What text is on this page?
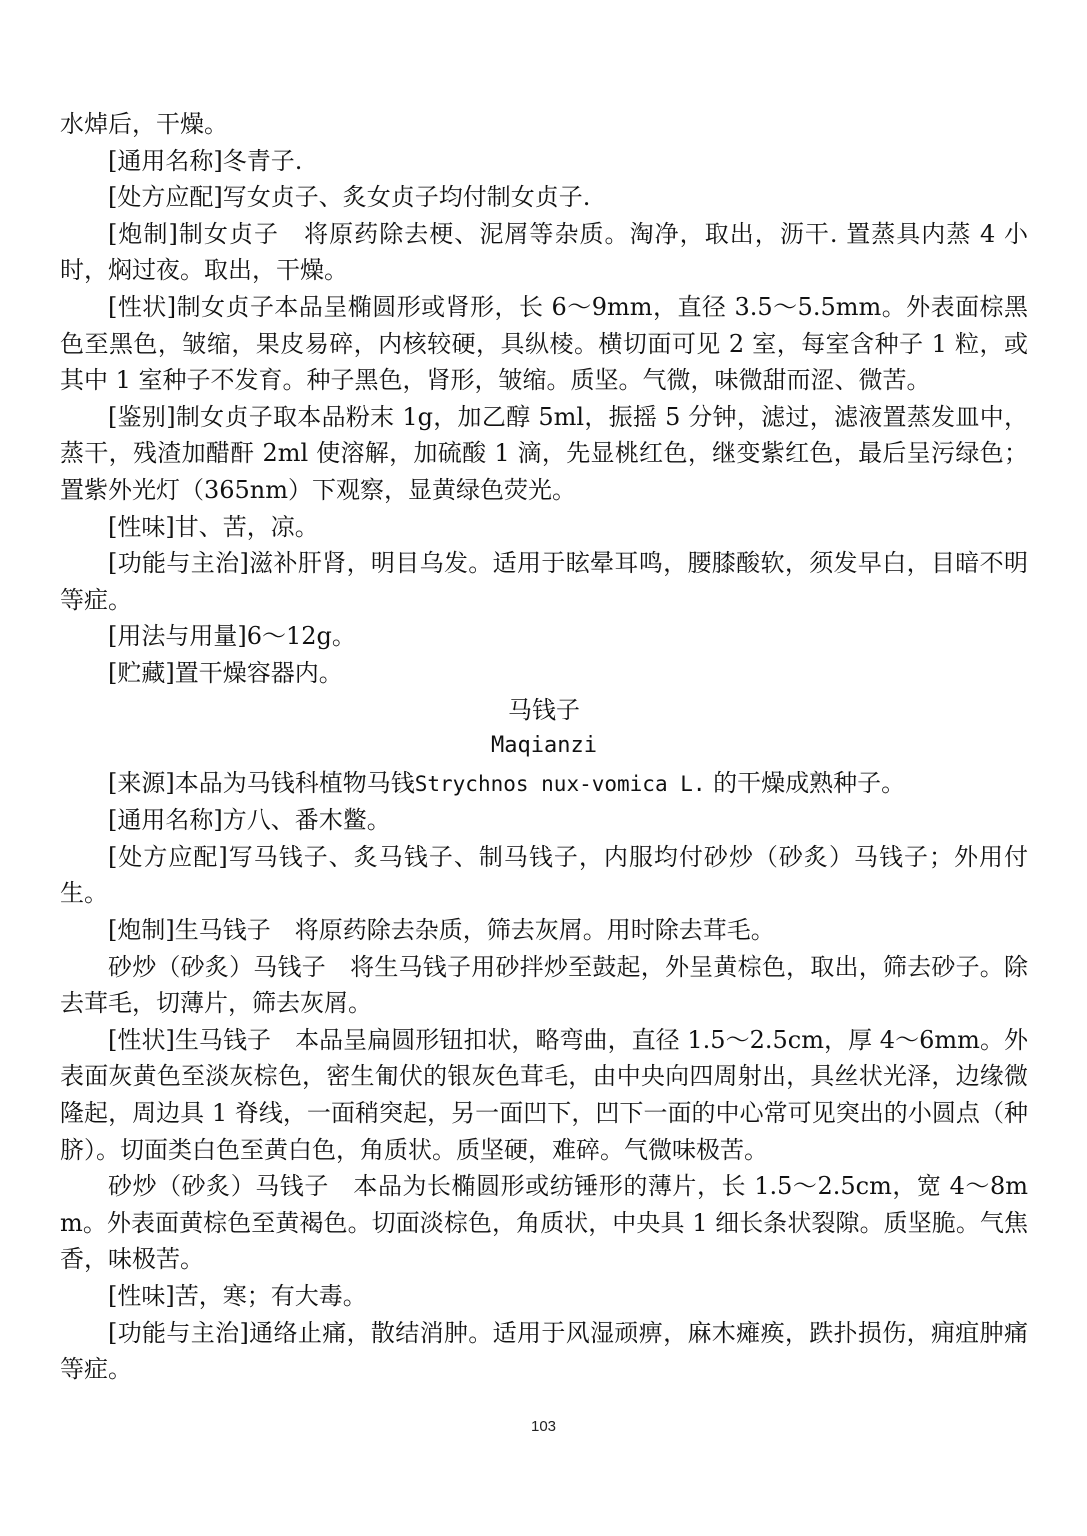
水焯后，干燥。

[通用名称]冬青子.

[处方应配]写女贞子、炙女贞子均付制女贞子.

[炮制]制女贞子　将原药除去梗、泥屑等杂质。淘净，取出，沥干. 置蒸具内蒸 4 小时，焖过夜。取出，干燥。

[性状]制女贞子本品呈椭圆形或肾形，长 6～9mm，直径 3.5～5.5mm。外表面棕黑色至黑色，皱缩，果皮易碎，内核较硬，具纵棱。横切面可见 2 室，每室含种子 1 粒，或其中 1 室种子不发育。种子黑色，肾形，皱缩。质坚。气微，味微甜而涩、微苦。

[鉴别]制女贞子取本品粉末 1g，加乙醇 5ml，振摇 5 分钟，滤过，滤液置蒸发皿中，蒸干，残渣加醋酐 2ml 使溶解，加硫酸 1 滴，先显桃红色，继变紫红色，最后呈污绿色；置紫外光灯（365nm）下观察，显黄绿色荧光。

[性味]甘、苦，凉。

[功能与主治]滋补肝肾，明目乌发。适用于眩晕耳鸣，腰膝酸软，须发早白，目暗不明等症。

[用法与用量]6～12g。

[贮藏]置干燥容器内。

马钱子

Maqianzi

[来源]本品为马钱科植物马钱Strychnos nux-vomica L. 的干燥成熟种子。

[通用名称]方八、番木鳖。

[处方应配]写马钱子、炙马钱子、制马钱子，内服均付砂炒（砂炙）马钱子；外用付生。

[炮制]生马钱子　将原药除去杂质，筛去灰屑。用时除去茸毛。

砂炒（砂炙）马钱子　将生马钱子用砂拌炒至鼓起，外呈黄棕色，取出，筛去砂子。除去茸毛，切薄片，筛去灰屑。

[性状]生马钱子　本品呈扁圆形钮扣状，略弯曲，直径 1.5～2.5cm，厚 4～6mm。外表面灰黄色至淡灰棕色，密生匍伏的银灰色茸毛，由中央向四周射出，具丝状光泽，边缘微隆起，周边具 1 脊线，一面稍突起，另一面凹下，凹下一面的中心常可见突出的小圆点（种脐）。切面类白色至黄白色，角质状。质坚硬，难碎。气微味极苦。

砂炒（砂炙）马钱子　本品为长椭圆形或纺锤形的薄片，长 1.5～2.5cm，宽 4～8mm。外表面黄棕色至黄褐色。切面淡棕色，角质状，中央具 1 细长条状裂隙。质坚脆。气焦香，味极苦。

[性味]苦，寒；有大毒。

[功能与主治]通络止痛，散结消肿。适用于风湿顽痹，麻木瘫痪，跌扑损伤，痈疽肿痛等症。

103
